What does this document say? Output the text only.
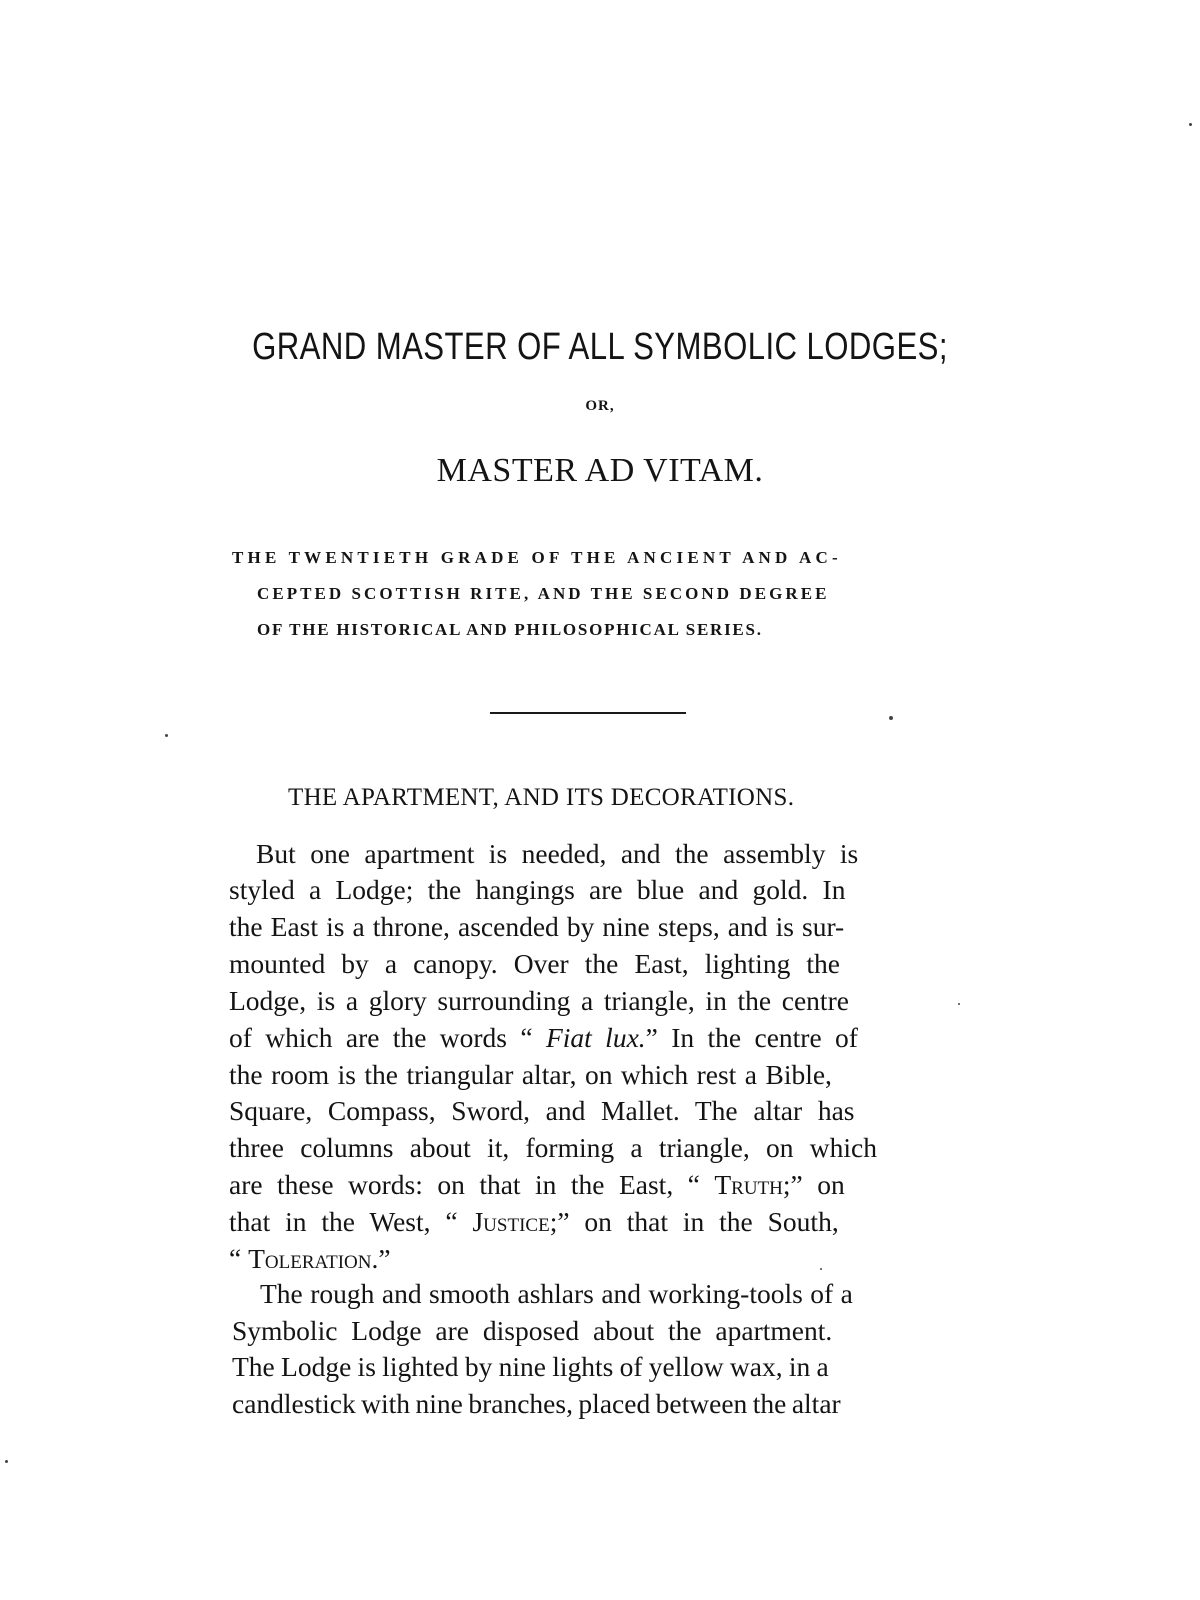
GRAND MASTER OF ALL SYMBOLIC LODGES;
OR,
MASTER AD VITAM.
THE TWENTIETH GRADE OF THE ANCIENT AND AC-
CEPTED SCOTTISH RITE, AND THE SECOND DEGREE
OF THE HISTORICAL AND PHILOSOPHICAL SERIES.
THE APARTMENT, AND ITS DECORATIONS.
But one apartment is needed, and the assembly is
styled a Lodge; the hangings are blue and gold. In
the East is a throne, ascended by nine steps, and is sur-
mounted by a canopy. Over the East, lighting the
Lodge, is a glory surrounding a triangle, in the centre
of which are the words “ Fiat lux.” In the centre of
the room is the triangular altar, on which rest a Bible,
Square, Compass, Sword, and Mallet. The altar has
three columns about it, forming a triangle, on which
are these words: on that in the East, “ Truth;” on
that in the West, “ Justice;” on that in the South,
“ Toleration.”
The rough and smooth ashlars and working-tools of a
Symbolic Lodge are disposed about the apartment.
The Lodge is lighted by nine lights of yellow wax, in a
candlestick with nine branches, placed between the altar
